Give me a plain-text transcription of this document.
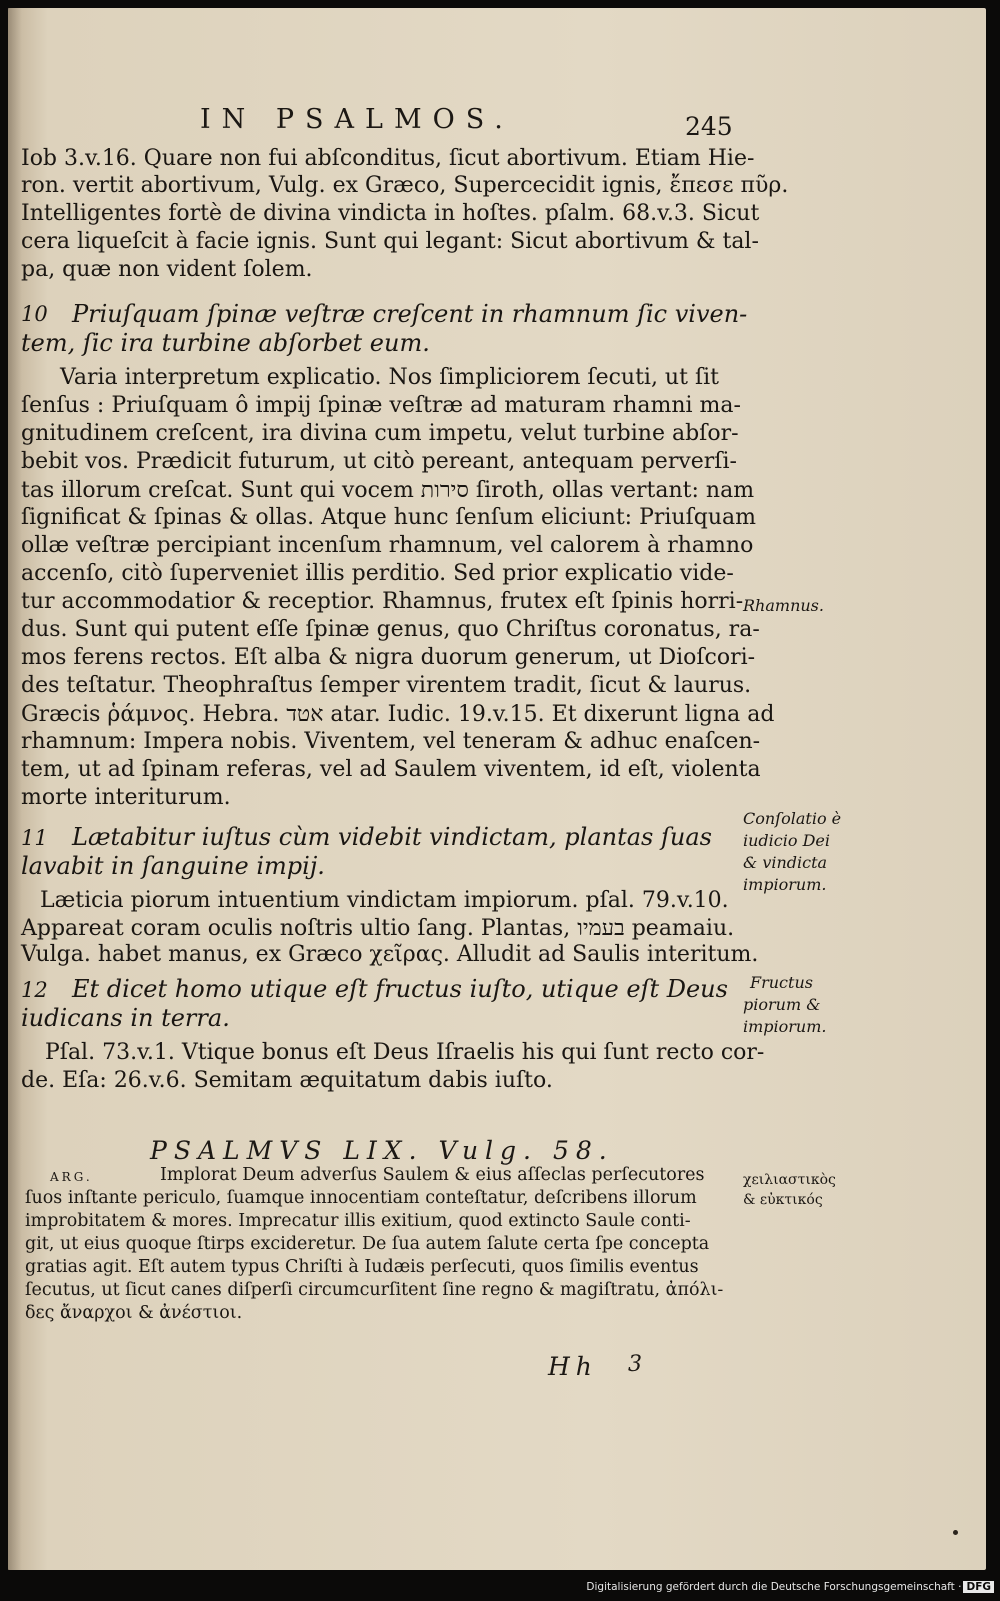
IN PSALMOS.	245
Iob 3.v.16. Quare non fui abſconditus, ſicut abortivum. Etiam Hie-
ron. vertit abortivum, Vulg. ex Græco, Supercecidit ignis, ἔπεσε πῦρ.
Intelligentes fortè de divina vindicta in hoſtes. pſalm. 68.v.3. Sicut
cera liqueſcit à facie ignis. Sunt qui legant: Sicut abortivum & tal-
pa, quæ non vident ſolem.
10 Priuſquam ſpinæ veſtræ creſcent in rhamnum ſic viven-
tem, ſic ira turbine abſorbet eum.
Varia interpretum explicatio. Nos ſimpliciorem ſecuti, ut ſit
ſenſus : Priuſquam ô impij ſpinæ veſtræ ad maturam rhamni ma-
gnitudinem creſcent, ira divina cum impetu, velut turbine abſor-
bebit vos. Prædicit futurum, ut citò pereant, antequam perverſi-
tas illorum creſcat. Sunt qui vocem סירות ſiroth, ollas vertant: nam
ſignificat & ſpinas & ollas. Atque hunc ſenſum eliciunt: Priuſquam
ollæ veſtræ percipiant incenſum rhamnum, vel calorem à rhamno
accenſo, citò ſuperveniet illis perditio. Sed prior explicatio vide-
tur accommodatior & receptior. Rhamnus, frutex eſt ſpinis horri-
dus. Sunt qui putent eſſe ſpinæ genus, quo Chriſtus coronatus, ra-
mos ferens rectos. Eſt alba & nigra duorum generum, ut Dioſcori-
des teſtatur. Theophraſtus ſemper virentem tradit, ſicut & laurus.
Græcis ῥάμνος. Hebra. אטד atar. Iudic. 19.v.15. Et dixerunt ligna ad
rhamnum: Impera nobis. Viventem, vel teneram & adhuc enaſcen-
tem, ut ad ſpinam referas, vel ad Saulem viventem, id eſt, violenta
morte interiturum.
11 Lætabitur iuſtus cùm videbit vindictam, plantas ſuas
lavabit in ſanguine impij.
Læticia piorum intuentium vindictam impiorum. pſal. 79.v.10.
Appareat coram oculis noſtris ultio ſang. Plantas, בעמיו peamaiu.
Vulga. habet manus, ex Græco χεῖρας. Alludit ad Saulis interitum.
12 Et dicet homo utique eſt fructus iuſto, utique eſt Deus
iudicans in terra.
Pſal. 73.v.1. Vtique bonus eſt Deus Iſraelis his qui ſunt recto cor-
de. Eſa: 26.v.6. Semitam æquitatum dabis iuſto.
PSALMVS LIX. Vulg. 58.
ARG.	Implorat Deum adverſus Saulem & eius aſſeclas perſecutores
ſuos inſtante periculo, ſuamque innocentiam conteſtatur, deſcribens illorum
improbitatem & mores. Imprecatur illis exitium, quod extincto Saule conti-
git, ut eius quoque ſtirps excideretur. De ſua autem ſalute certa ſpe concepta
gratias agit. Eſt autem typus Chriſti à Iudæis perſecuti, quos ſimilis eventus
ſecutus, ut ſicut canes diſperſi circumcurſitent ſine regno & magiſtratu, ἀπόλι-
δες ἄναρχοι & ἀνέστιοι.
Rhamnus.
Conſolatio è
iudicio Dei
& vindicta
impiorum.
Fructus
piorum &
impiorum.
χειλιαστικὸς
& εὐκτικός
Hh 3
Digitalisierung gefördert durch die Deutsche Forschungsgemeinschaft · DFG
